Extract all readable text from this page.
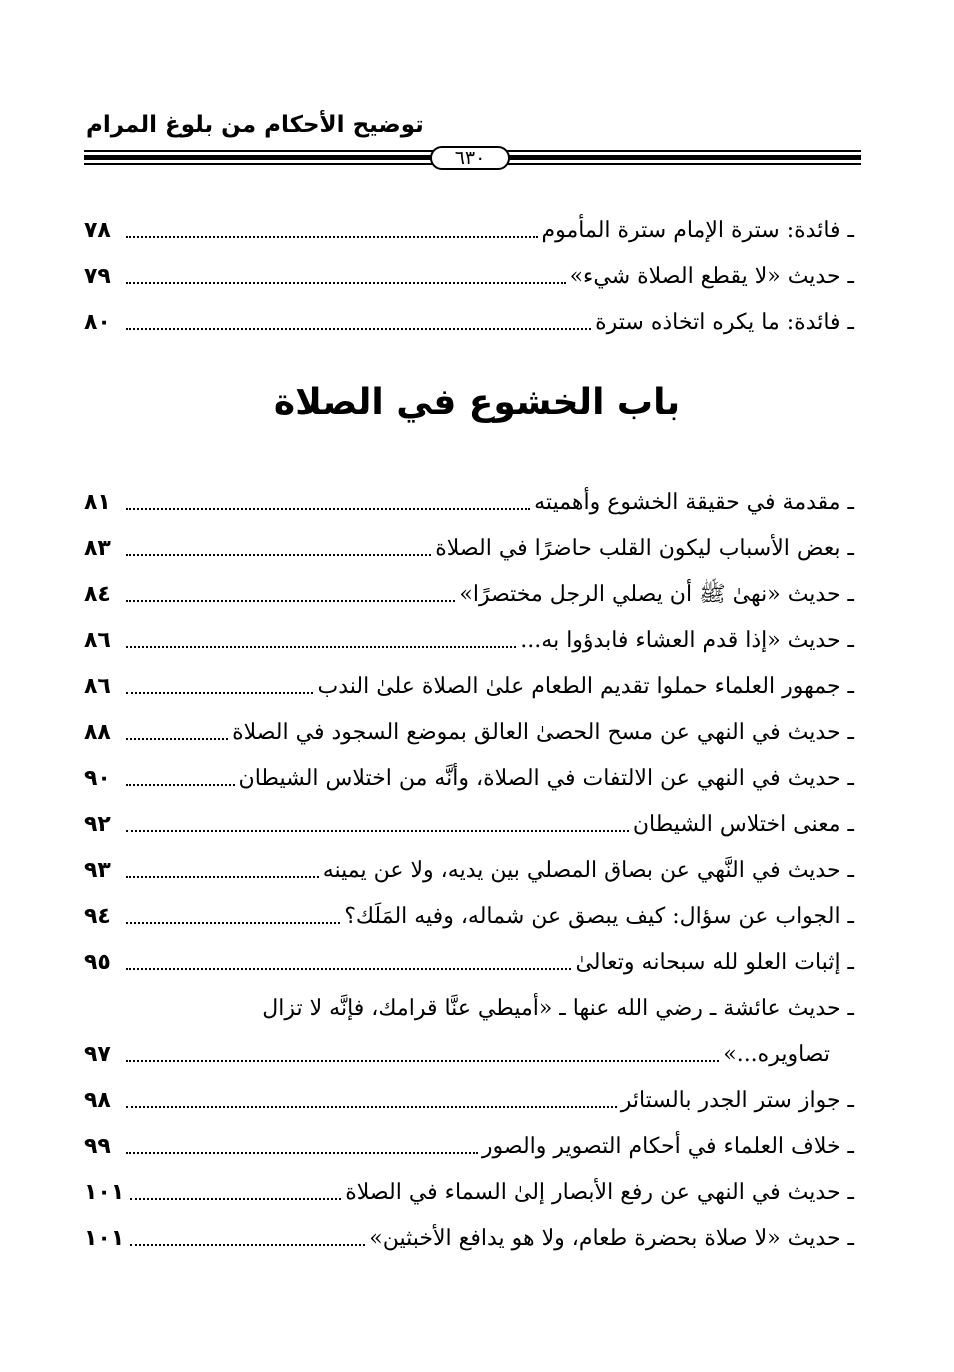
توضيح الأحكام من بلوغ المرام
٦٣٠
ـ فائدة: سترة الإمام سترة المأموم
٧٨
ـ حديث «لا يقطع الصلاة شيء»
٧٩
ـ فائدة: ما يكره اتخاذه سترة
٨٠
باب الخشوع في الصلاة
ـ مقدمة في حقيقة الخشوع وأهميته
٨١
ـ بعض الأسباب ليكون القلب حاضرًا في الصلاة
٨٣
ـ حديث «نهىٰ ﷺ أن يصلي الرجل مختصرًا»
٨٤
ـ حديث «إذا قدم العشاء فابدؤوا به...
٨٦
ـ جمهور العلماء حملوا تقديم الطعام علىٰ الصلاة علىٰ الندب
٨٦
ـ حديث في النهي عن مسح الحصىٰ العالق بموضع السجود في الصلاة
٨٨
ـ حديث في النهي عن الالتفات في الصلاة، وأنَّه من اختلاس الشيطان
٩٠
ـ معنى اختلاس الشيطان
٩٢
ـ حديث في النَّهي عن بصاق المصلي بين يديه، ولا عن يمينه
٩٣
ـ الجواب عن سؤال: كيف يبصق عن شماله، وفيه المَلَك؟
٩٤
ـ إثبات العلو لله سبحانه وتعالىٰ
٩٥
ـ حديث عائشة ـ رضي الله عنها ـ «أميطي عنَّا قرامك، فإنَّه لا تزال
تصاويره...»
٩٧
ـ جواز ستر الجدر بالستائر
٩٨
ـ خلاف العلماء في أحكام التصوير والصور
٩٩
ـ حديث في النهي عن رفع الأبصار إلىٰ السماء في الصلاة
١٠١
ـ حديث «لا صلاة بحضرة طعام، ولا هو يدافع الأخبثين»
١٠١
